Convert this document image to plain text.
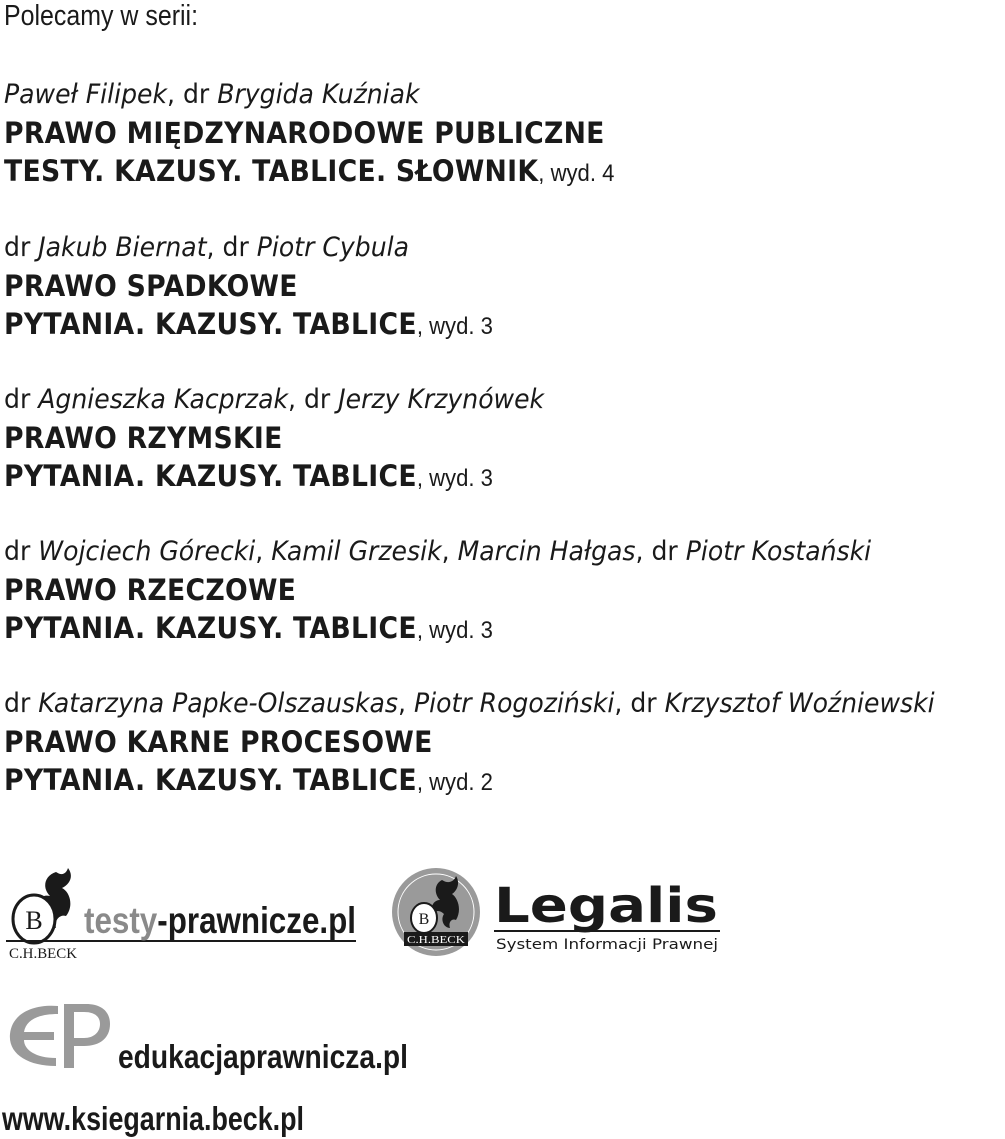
Polecamy w serii:
Paweł Filipek, dr Brygida Kuźniak
PRAWO MIĘDZYNARODOWE PUBLICZNE
TESTY. KAZUSY. TABLICE. SŁOWNIK, wyd. 4
dr Jakub Biernat, dr Piotr Cybula
PRAWO SPADKOWE
PYTANIA. KAZUSY. TABLICE, wyd. 3
dr Agnieszka Kacprzak, dr Jerzy Krzynówek
PRAWO RZYMSKIE
PYTANIA. KAZUSY. TABLICE, wyd. 3
dr Wojciech Górecki, Kamil Grzesik, Marcin Hałgas, dr Piotr Kostański
PRAWO RZECZOWE
PYTANIA. KAZUSY. TABLICE, wyd. 3
dr Katarzyna Papke-Olszauskas, Piotr Rogoziński, dr Krzysztof Woźniewski
PRAWO KARNE PROCESOWE
PYTANIA. KAZUSY. TABLICE, wyd. 2
B testy-prawnicze.pl
C.H.BECK
B
C.H.BECK
Legalis
System Informacji Prawnej
edukacjaprawnicza.pl
www.ksiegarnia.beck.pl
